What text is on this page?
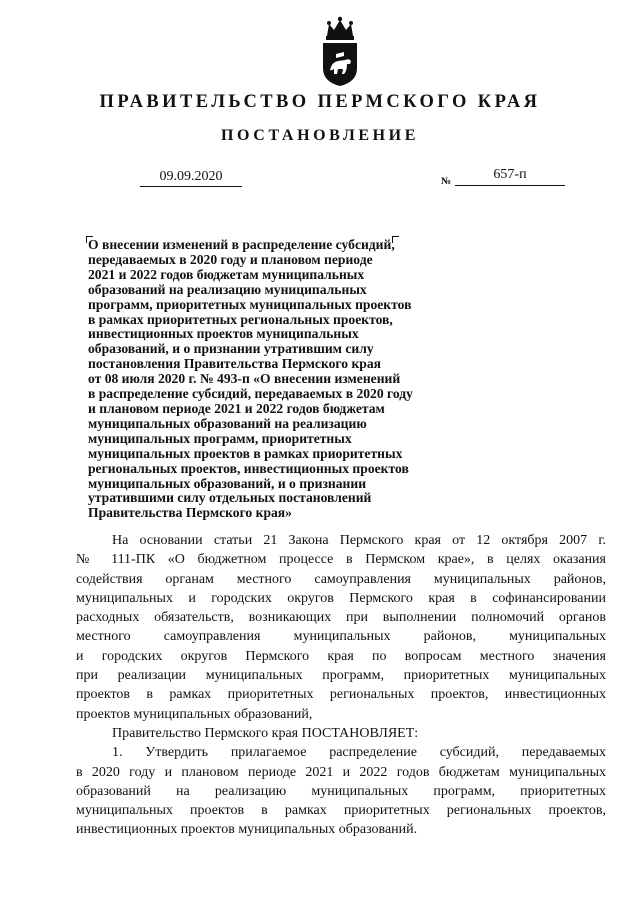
ПРАВИТЕЛЬСТВО ПЕРМСКОГО КРАЯ
ПОСТАНОВЛЕНИЕ
09.09.2020	№	657-п
О внесении изменений в распределение субсидий,
передаваемых в 2020 году и плановом периоде
2021 и 2022 годов бюджетам муниципальных
образований на реализацию муниципальных
программ, приоритетных муниципальных проектов
в рамках приоритетных региональных проектов,
инвестиционных проектов муниципальных
образований, и о признании утратившим силу
постановления Правительства Пермского края
от 08 июля 2020 г. № 493-п «О внесении изменений
в распределение субсидий, передаваемых в 2020 году
и плановом периоде 2021 и 2022 годов бюджетам
муниципальных образований на реализацию
муниципальных программ, приоритетных
муниципальных проектов в рамках приоритетных
региональных проектов, инвестиционных проектов
муниципальных образований, и о признании
утратившими силу отдельных постановлений
Правительства Пермского края»
На основании статьи 21 Закона Пермского края от 12 октября 2007 г.
№ 111-ПК «О бюджетном процессе в Пермском крае», в целях оказания
содействия органам местного самоуправления муниципальных районов,
муниципальных и городских округов Пермского края в софинансировании
расходных обязательств, возникающих при выполнении полномочий органов
местного самоуправления муниципальных районов, муниципальных
и городских округов Пермского края по вопросам местного значения
при реализации муниципальных программ, приоритетных муниципальных
проектов в рамках приоритетных региональных проектов, инвестиционных
проектов муниципальных образований,
Правительство Пермского края ПОСТАНОВЛЯЕТ:
1. Утвердить прилагаемое распределение субсидий, передаваемых
в 2020 году и плановом периоде 2021 и 2022 годов бюджетам муниципальных
образований на реализацию муниципальных программ, приоритетных
муниципальных проектов в рамках приоритетных региональных проектов,
инвестиционных проектов муниципальных образований.
